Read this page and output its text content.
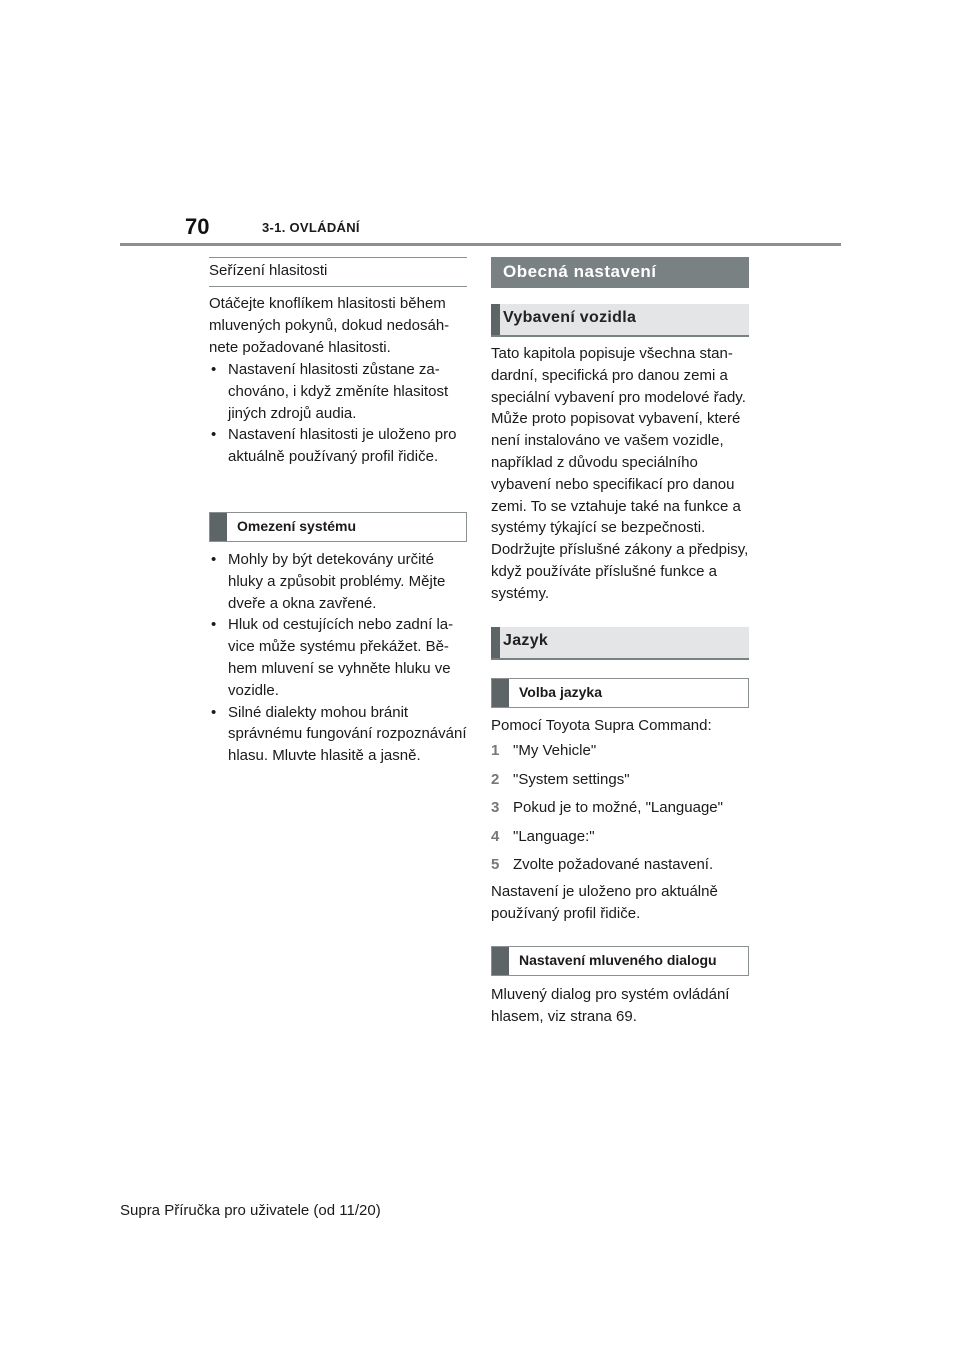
70	3-1. OVLÁDÁNÍ
Seřízení hlasitosti

Otáčejte knoflíkem hlasitosti během mluvených pokynů, dokud nedosáhnete požadované hlasitosti.

• Nastavení hlasitosti zůstane zachováno, i když změníte hlasitost jiných zdrojů audia.
• Nastavení hlasitosti je uloženo pro aktuálně používaný profil řidiče.
Omezení systému
• Mohly by být detekovány určité hluky a způsobit problémy. Mějte dveře a okna zavřené.
• Hluk od cestujících nebo zadní lavice může systému překážet. Během mluvení se vyhněte hluku ve vozidle.
• Silné dialekty mohou bránit správnému fungování rozpoznávání hlasu. Mluvte hlasitě a jasně.
Obecná nastavení
Vybavení vozidla

Tato kapitola popisuje všechna standardní, specifická pro danou zemi a speciální vybavení pro modelové řady. Může proto popisovat vybavení, které není instalováno ve vašem vozidle, například z důvodu speciálního vybavení nebo specifikací pro danou zemi. To se vztahuje také na funkce a systémy týkající se bezpečnosti. Dodržujte příslušné zákony a předpisy, když používáte příslušné funkce a systémy.

Jazyk
Volba jazyka

Pomocí Toyota Supra Command:

1 "My Vehicle"
2 "System settings"
3 Pokud je to možné, "Language"
4 "Language:"
5 Zvolte požadované nastavení.

Nastavení je uloženo pro aktuálně používaný profil řidiče.

Nastavení mluveného dialogu

Mluvený dialog pro systém ovládání hlasem, viz strana 69.

Supra Příručka pro uživatele (od 11/20)
